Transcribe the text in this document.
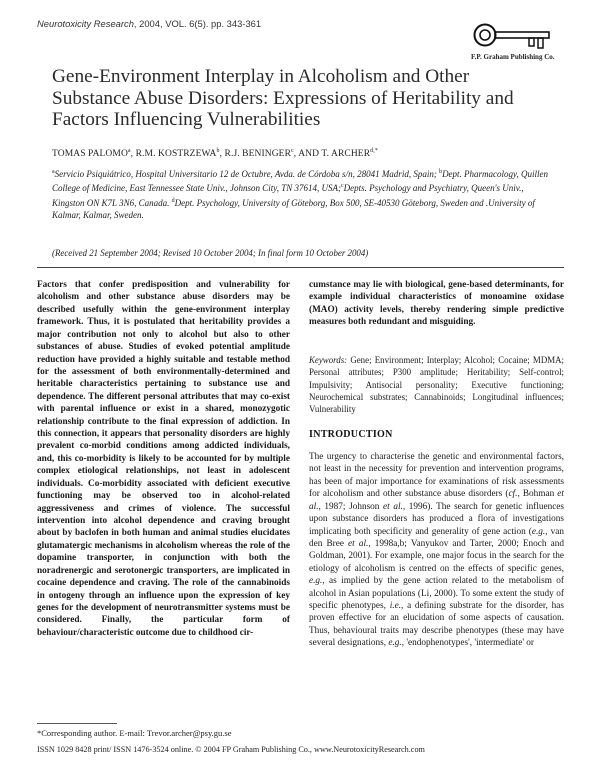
Neurotoxicity Research, 2004, VOL. 6(5). pp. 343-361
F.P. Graham Publishing Co.
Gene-Environment Interplay in Alcoholism and Other Substance Abuse Disorders: Expressions of Heritability and Factors Influencing Vulnerabilities
TOMAS PALOMO$^a$, R.M. KOSTRZEWA$^b$, R.J. BENINGER$^c$, AND T. $ARCHER^{d,*}$
$^a$Servicio Psiquiátrico, Hospital Universitario 12 de Octubre, Avda. de Córdoba s/n, 28041 Madrid, Spain; $^b$Dept. Pharmacology, Quillen College of Medicine, East Tennessee State Univ., Johnson City, TN 37614, USA;$^c$Depts. Psychology and Psychiatry, Queen's Univ., Kingston ON K7L 3N6, Canada. $^d$Dept. Psychology, University of Göteborg, Box 500, SE-40530 Göteborg, Sweden and .University of Kalmar, Kalmar, Sweden.
(Received 21 September 2004; Revised 10 October 2004; In final form 10 October 2004)
Factors that confer predisposition and vulnerability for alcoholism and other substance abuse disorders may be described usefully within the gene-environment interplay framework. Thus, it is postulated that heritability provides a major contribution not only to alcohol but also to other substances of abuse. Studies of evoked potential amplitude reduction have provided a highly suitable and testable method for the assessment of both environmentally-determined and heritable characteristics pertaining to substance use and dependence. The different personal attributes that may co-exist with parental influence or exist in a shared, monozygotic relationship contribute to the final expression of addiction. In this connection, it appears that personality disorders are highly prevalent co-morbid conditions among addicted individuals, and, this co-morbidity is likely to be accounted for by multiple complex etiological relationships, not least in adolescent individuals. Co-morbidity associated with deficient executive functioning may be observed too in alcohol-related aggressiveness and crimes of violence. The successful intervention into alcohol dependence and craving brought about by baclofen in both human and animal studies elucidates glutamatergic mechanisms in alcoholism whereas the role of the dopamine transporter, in conjunction with both the noradrenergic and serotonergic transporters, are implicated in cocaine dependence and craving. The role of the cannabinoids in ontogeny through an influence upon the expression of key genes for the development of neurotransmitter systems must be considered. Finally, the particular form of behaviour/characteristic outcome due to childhood cir-
cumstance may lie with biological, gene-based determinants, for example individual characteristics of monoamine oxidase (MAO) activity levels, thereby rendering simple predictive measures both redundant and misguiding.
Keywords: Gene; Environment; Interplay; Alcohol; Cocaine; MDMA; Personal attributes; P300 amplitude; Heritability; Self-control; Impulsivity; Antisocial personality; Executive functioning; Neurochemical substrates; Cannabinoids; Longitudinal influences; Vulnerability
INTRODUCTION
The urgency to characterise the genetic and environmental factors, not least in the necessity for prevention and intervention programs, has been of major importance for examinations of risk assessments for alcoholism and other substance abuse disorders (cf., Bohman et al., 1987; Johnson et al., 1996). The search for genetic influences upon substance disorders has produced a flora of investigations implicating both specificity and generality of gene action (e.g., van den Bree et al., 1998a,b; Vanyukov and Tarter, 2000; Enoch and Goldman, 2001). For example, one major focus in the search for the etiology of alcoholism is centred on the effects of specific genes, e.g., as implied by the gene action related to the metabolism of alcohol in Asian populations (Li, 2000). To some extent the study of specific phenotypes, i.e., a defining substrate for the disorder, has proven effective for an elucidation of some aspects of causation. Thus, behavioural traits may describe phenotypes (these may have several designations, e.g., 'endophenotypes', 'intermediate' or
*Corresponding author. E-mail: Trevor.archer@psy.gu.se
ISSN 1029 8428 print/ ISSN 1476-3524 online. © 2004 FP Graham Publishing Co., www.NeurotoxicityResearch.com
